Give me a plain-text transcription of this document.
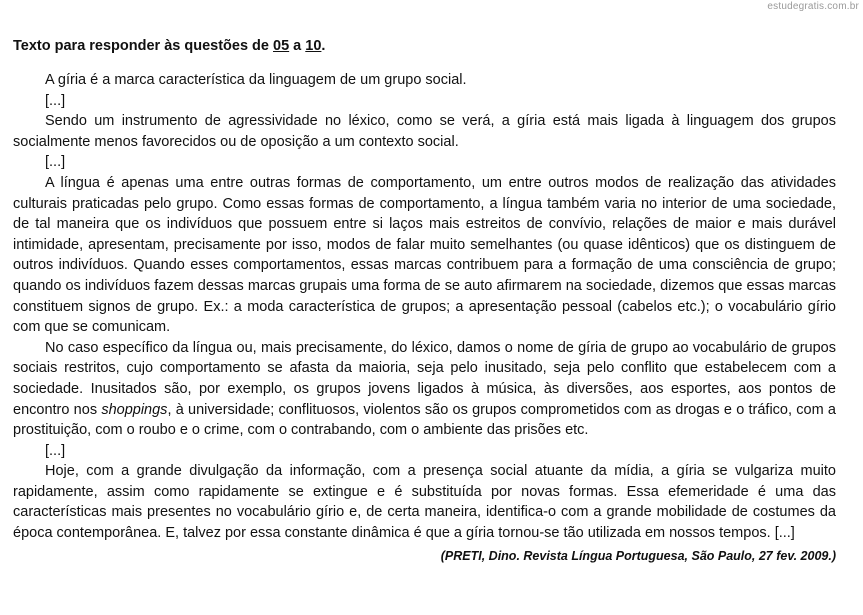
estudegratis.com.br

Texto para responder às questões de 05 a 10.

A gíria é a marca característica da linguagem de um grupo social.

[...]

Sendo um instrumento de agressividade no léxico, como se verá, a gíria está mais ligada à linguagem dos grupos socialmente menos favorecidos ou de oposição a um contexto social.

[...]

A língua é apenas uma entre outras formas de comportamento, um entre outros modos de realização das atividades culturais praticadas pelo grupo. Como essas formas de comportamento, a língua também varia no interior de uma sociedade, de tal maneira que os indivíduos que possuem entre si laços mais estreitos de convívio, relações de maior e mais durável intimidade, apresentam, precisamente por isso, modos de falar muito semelhantes (ou quase idênticos) que os distinguem de outros indivíduos. Quando esses comportamentos, essas marcas contribuem para a formação de uma consciência de grupo; quando os indivíduos fazem dessas marcas grupais uma forma de se auto afirmarem na sociedade, dizemos que essas marcas constituem signos de grupo. Ex.: a moda característica de grupos; a apresentação pessoal (cabelos etc.); o vocabulário gírio com que se comunicam.

No caso específico da língua ou, mais precisamente, do léxico, damos o nome de gíria de grupo ao vocabulário de grupos sociais restritos, cujo comportamento se afasta da maioria, seja pelo inusitado, seja pelo conflito que estabelecem com a sociedade. Inusitados são, por exemplo, os grupos jovens ligados à música, às diversões, aos esportes, aos pontos de encontro nos shoppings, à universidade; conflituosos, violentos são os grupos comprometidos com as drogas e o tráfico, com a prostituição, com o roubo e o crime, com o contrabando, com o ambiente das prisões etc.

[...]

Hoje, com a grande divulgação da informação, com a presença social atuante da mídia, a gíria se vulgariza muito rapidamente, assim como rapidamente se extingue e é substituída por novas formas. Essa efemeridade é uma das características mais presentes no vocabulário gírio e, de certa maneira, identifica-o com a grande mobilidade de costumes da época contemporânea. E, talvez por essa constante dinâmica é que a gíria tornou-se tão utilizada em nossos tempos. [...]

(PRETI, Dino. Revista Língua Portuguesa, São Paulo, 27 fev. 2009.)
